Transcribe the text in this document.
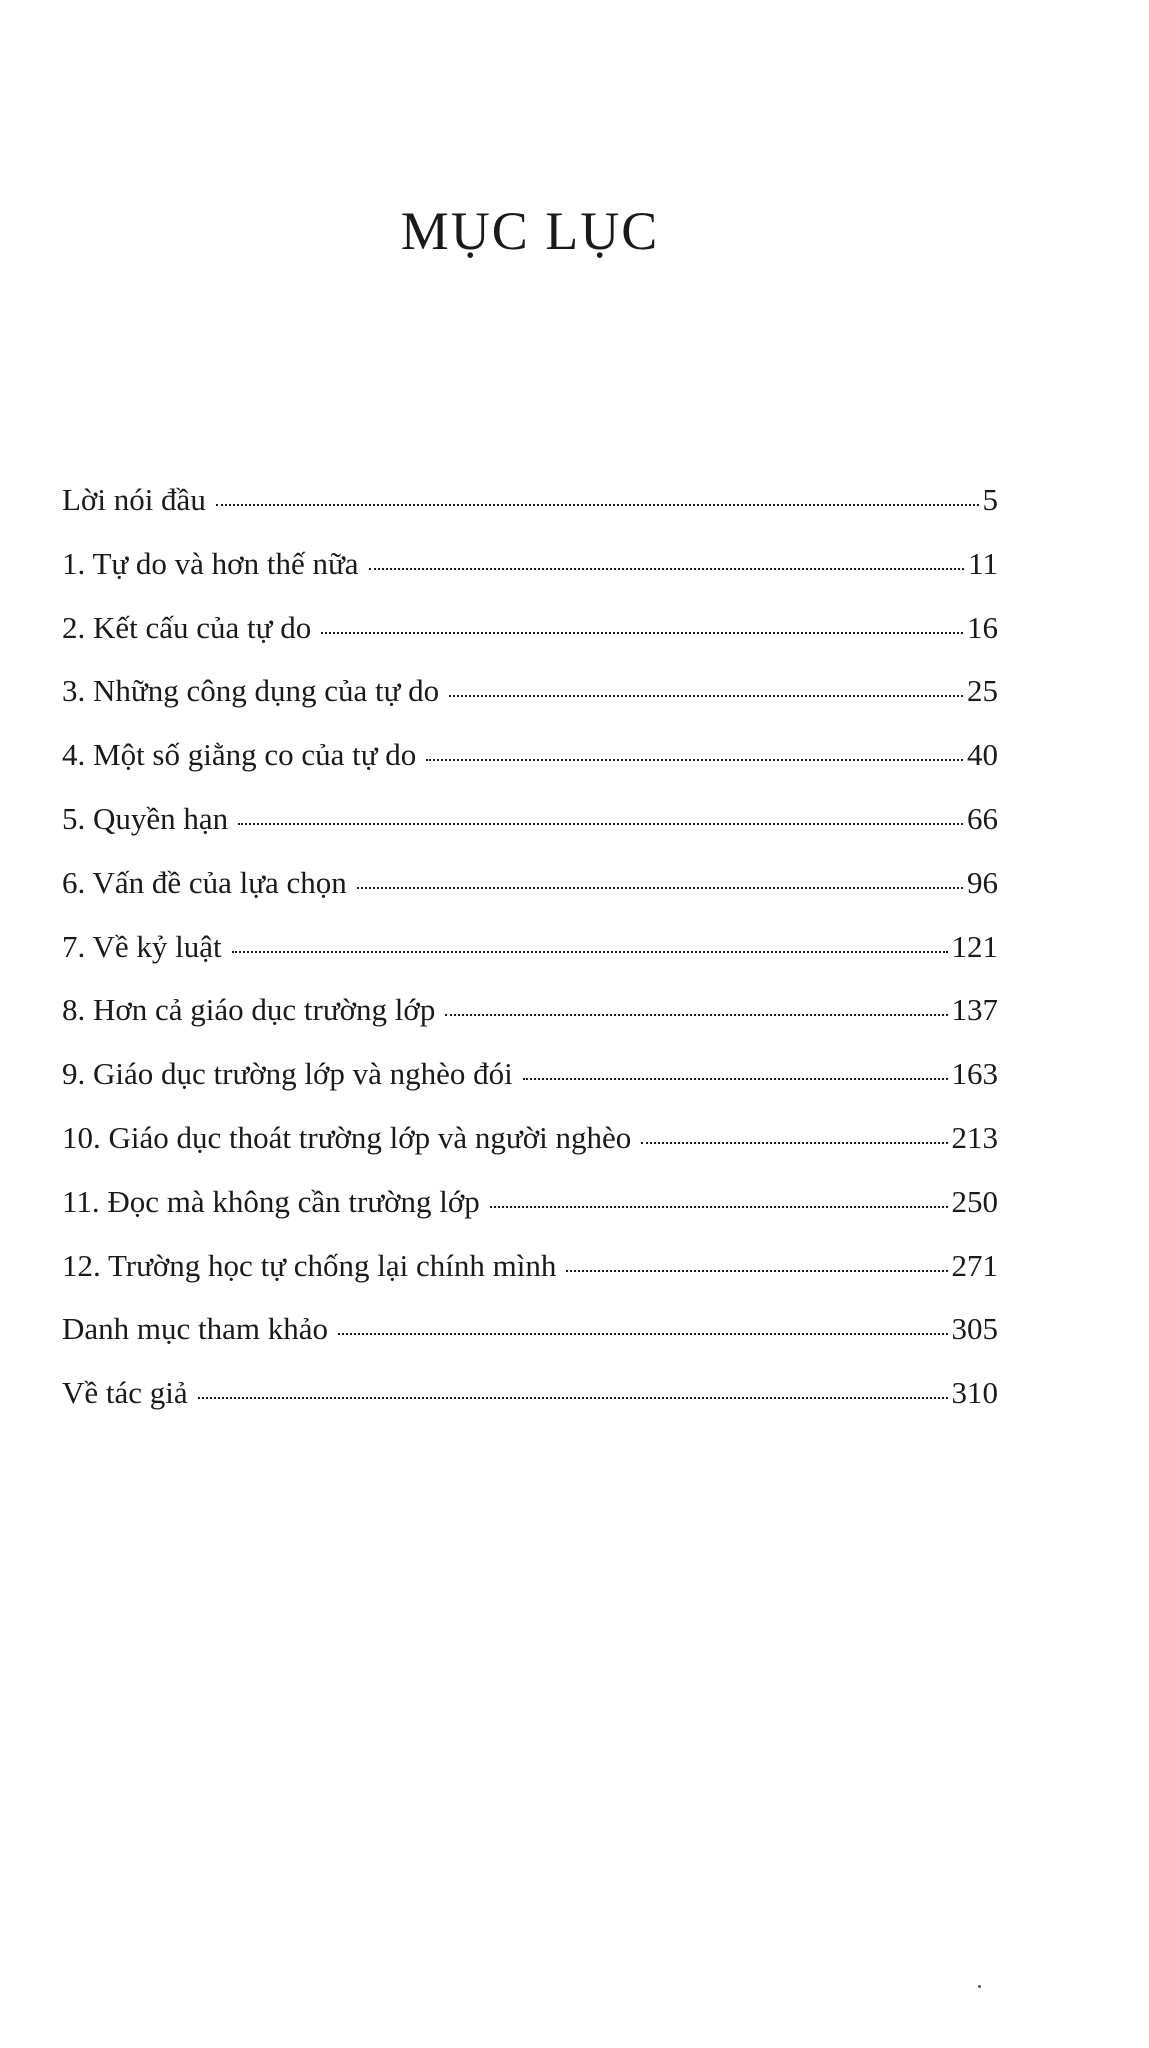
MỤC LỤC
Lời nói đầu	5
1. Tự do và hơn thế nữa	11
2. Kết cấu của tự do	16
3. Những công dụng của tự do	25
4. Một số giằng co của tự do	40
5. Quyền hạn	66
6. Vấn đề của lựa chọn	96
7. Về kỷ luật	121
8. Hơn cả giáo dục trường lớp	137
9. Giáo dục trường lớp và nghèo đói	163
10. Giáo dục thoát trường lớp và người nghèo	213
11. Đọc mà không cần trường lớp	250
12. Trường học tự chống lại chính mình	271
Danh mục tham khảo	305
Về tác giả	310
